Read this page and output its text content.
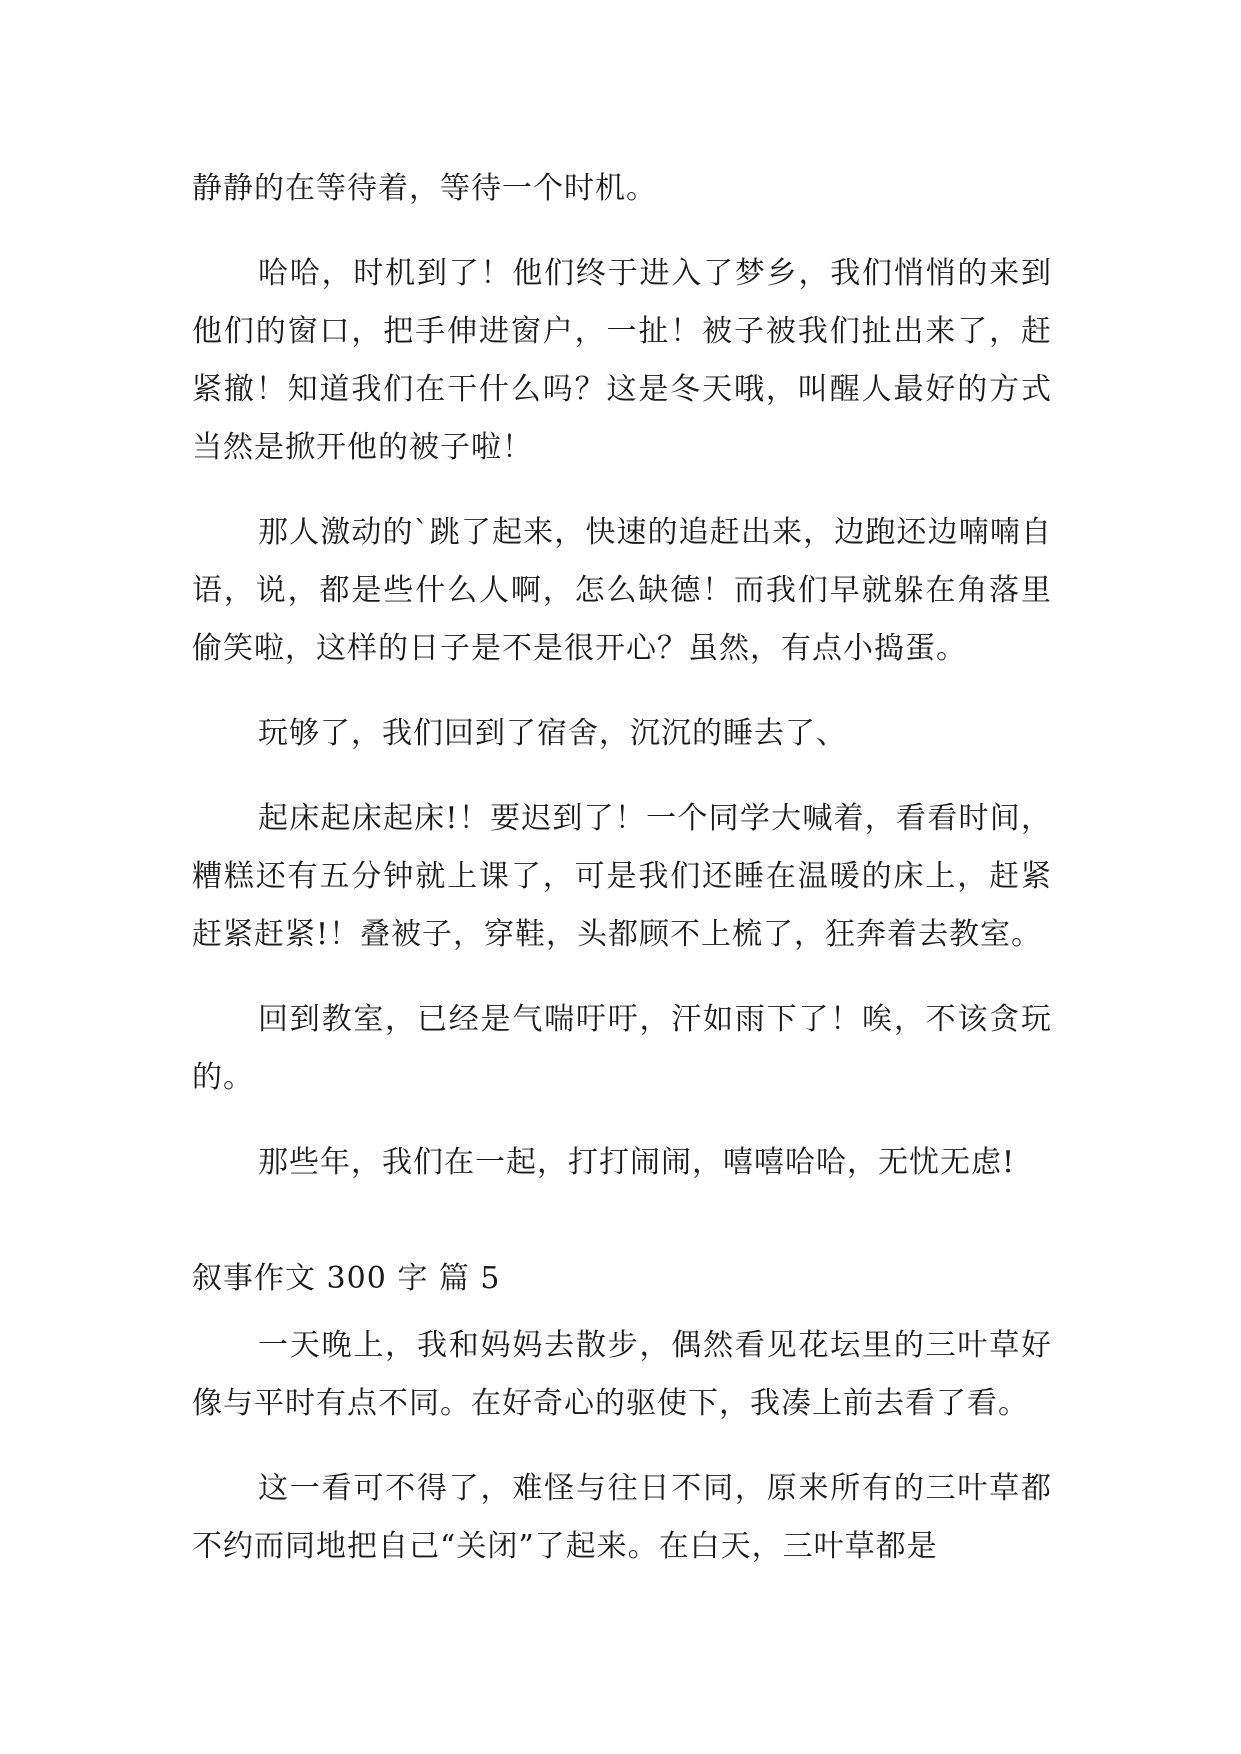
静静的在等待着，等待一个时机。

哈哈，时机到了！他们终于进入了梦乡，我们悄悄的来到他们的窗口，把手伸进窗户，一扯！被子被我们扯出来了，赶紧撤！知道我们在干什么吗？这是冬天哦，叫醒人最好的方式当然是掀开他的被子啦！

那人激动的`跳了起来，快速的追赶出来，边跑还边喃喃自语，说，都是些什么人啊，怎么缺德！而我们早就躲在角落里偷笑啦，这样的日子是不是很开心？虽然，有点小捣蛋。

玩够了，我们回到了宿舍，沉沉的睡去了、

起床起床起床!！要迟到了！一个同学大喊着，看看时间，糟糕还有五分钟就上课了，可是我们还睡在温暖的床上，赶紧赶紧赶紧!！叠被子，穿鞋，头都顾不上梳了，狂奔着去教室。

回到教室，已经是气喘吁吁，汗如雨下了！唉，不该贪玩的。

那些年，我们在一起，打打闹闹，嘻嘻哈哈，无忧无虑!

叙事作文 300 字 篇 5

一天晚上，我和妈妈去散步，偶然看见花坛里的三叶草好像与平时有点不同。在好奇心的驱使下，我凑上前去看了看。

这一看可不得了，难怪与往日不同，原来所有的三叶草都不约而同地把自己“关闭”了起来。在白天，三叶草都是
